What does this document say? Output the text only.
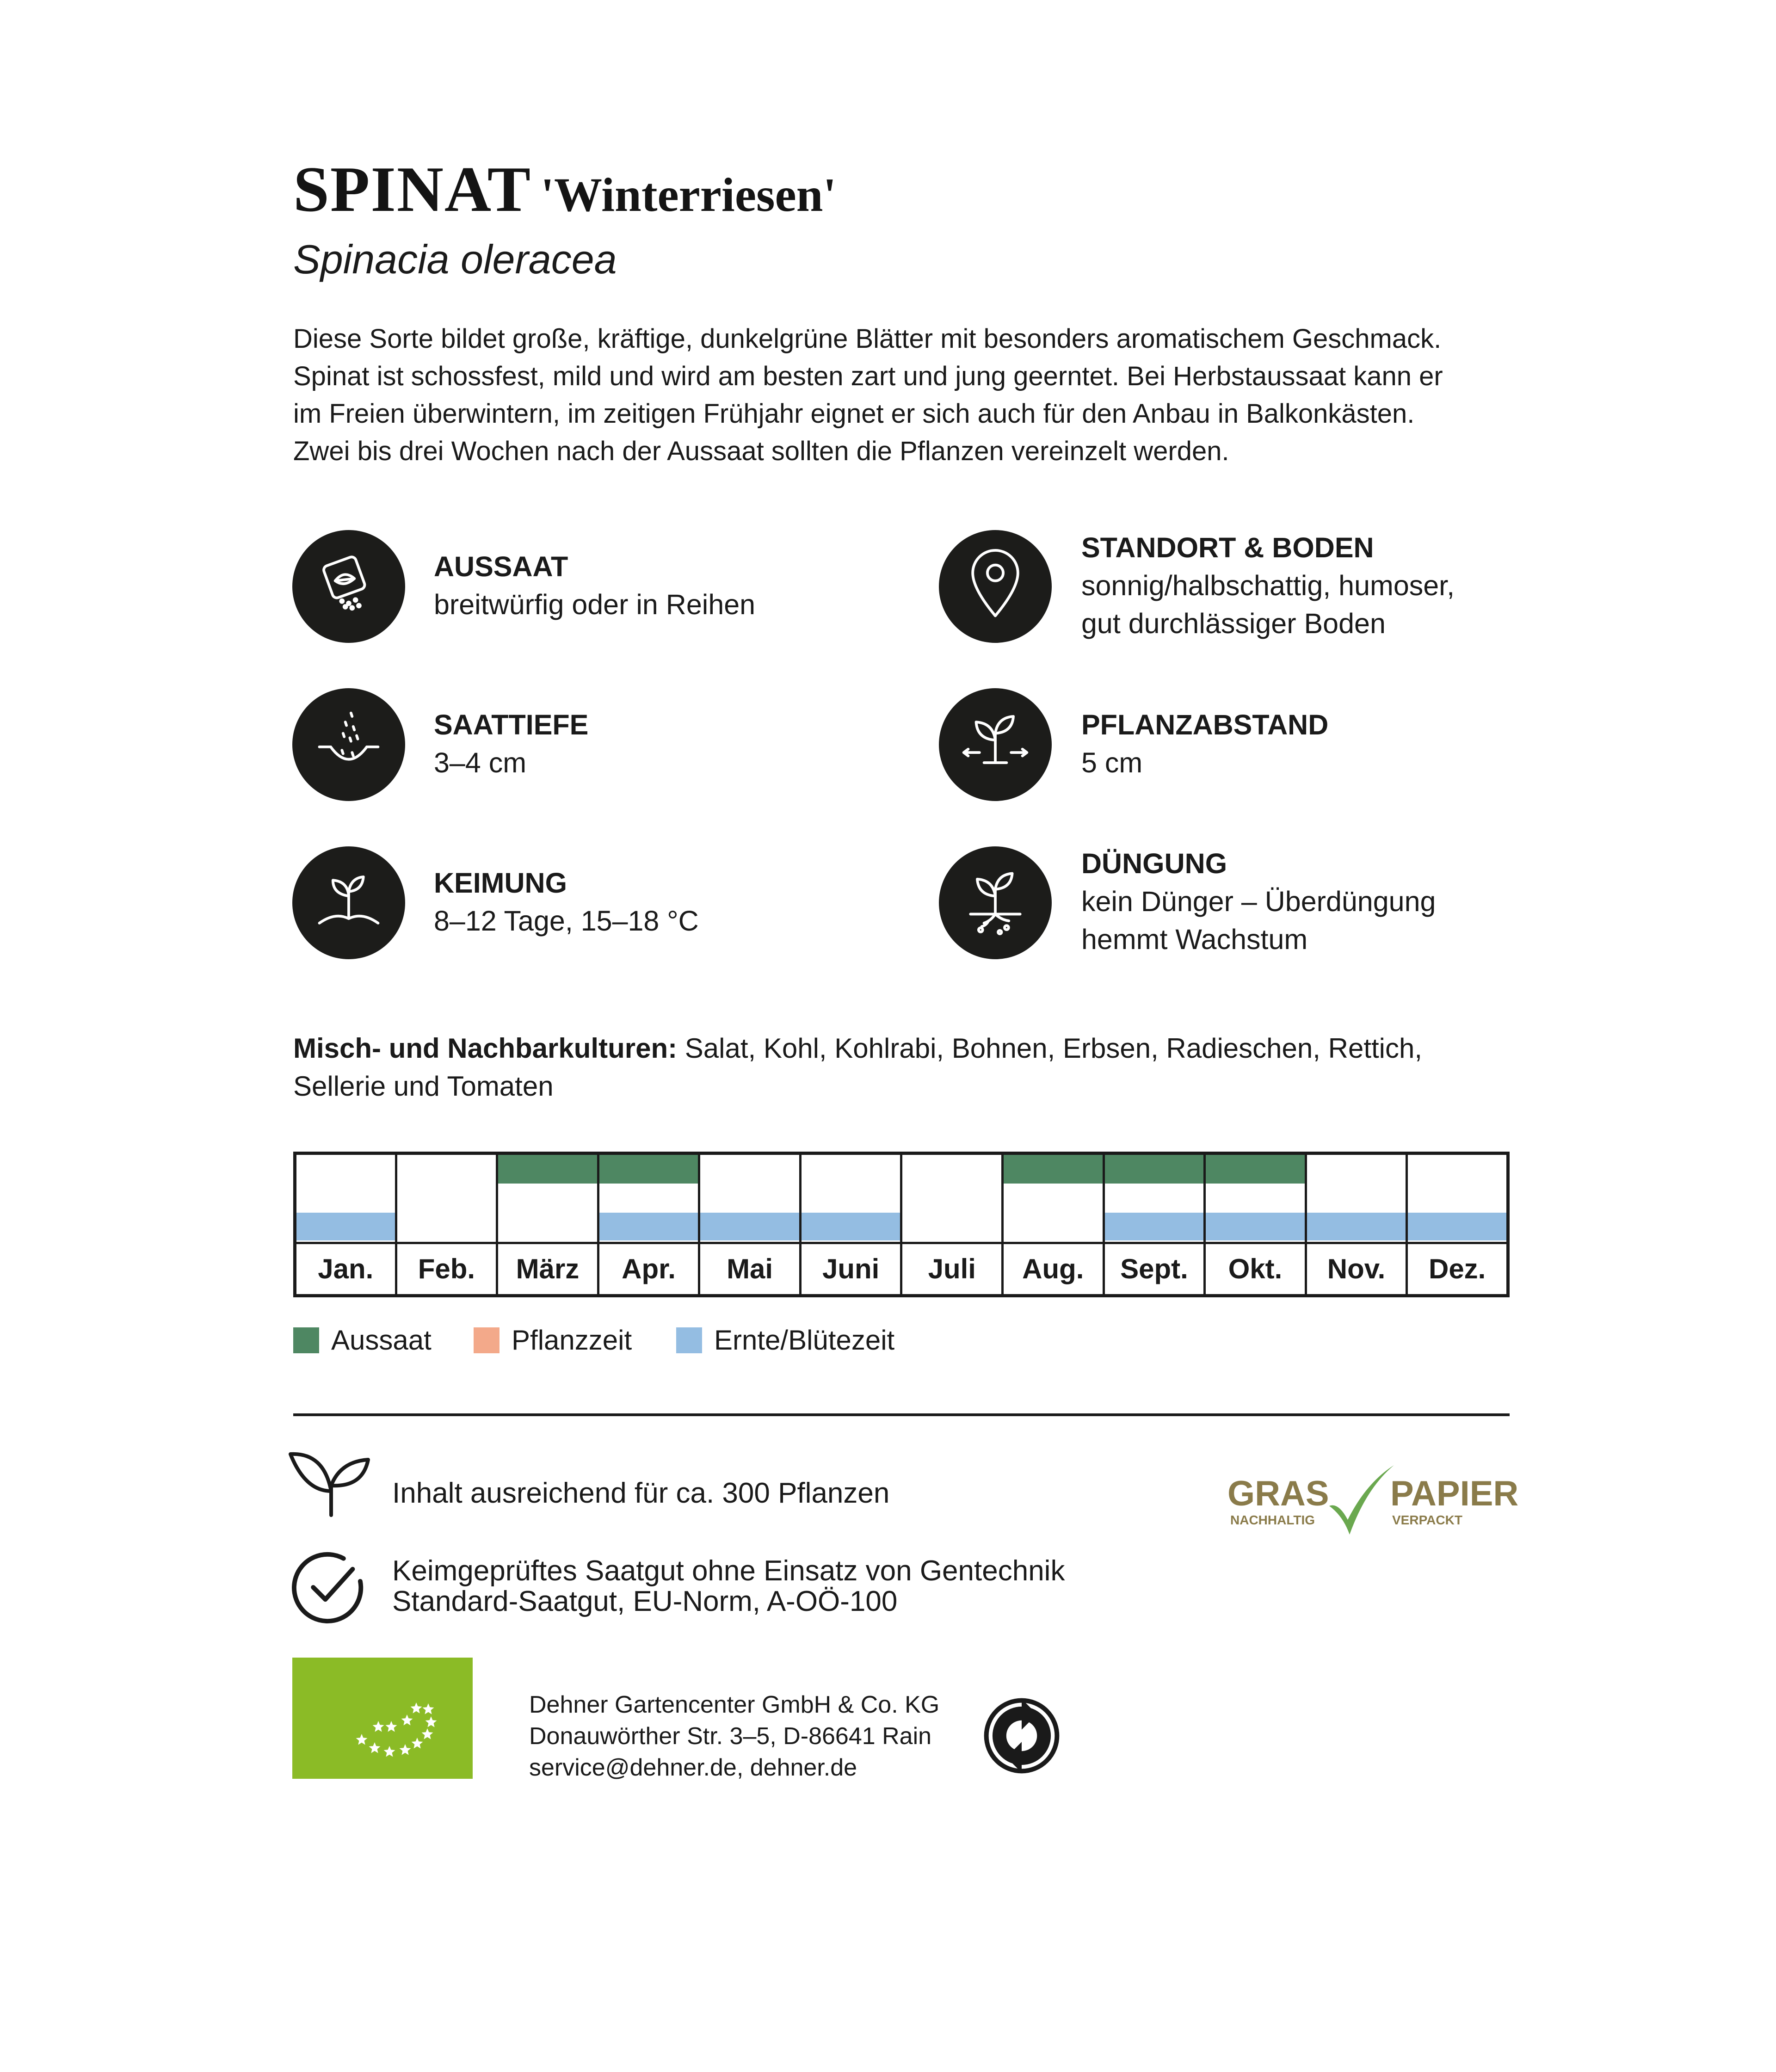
SPINAT 'Winterriesen'
Spinacia oleracea

Diese Sorte bildet große, kräftige, dunkelgrüne Blätter mit besonders aromatischem Geschmack.

Spinat ist schossfest, mild und wird am besten zart und jung geerntet. Bei Herbstaussaat kann er

im Freien überwintern, im zeitigen Frühjahr eignet er sich auch für den Anbau in Balkonkästen.

Zwei bis drei Wochen nach der Aussaat sollten die Pflanzen vereinzelt werden.

AUSSAAT
breitwürfig oder in Reihen
SAATTIEFE
3–4 cm
KEIMUNG
8–12 Tage, 15–18 °C
STANDORT & BODEN
sonnig/halbschattig, humoser,
gut durchlässiger Boden
PFLANZABSTAND
5 cm
DÜNGUNG
kein Dünger – Überdüngung
hemmt Wachstum
Misch- und Nachbarkulturen: Salat, Kohl, Kohlrabi, Bohnen, Erbsen, Radieschen, Rettich,
Sellerie und Tomaten
Jan.	Feb.	März	Apr.	Mai	Juni	Juli	Aug.	Sept.	Okt.	Nov.	Dez.
Aussaat	Pflanzzeit	Ernte/Blütezeit
Inhalt ausreichend für ca. 300 Pflanzen
Keimgeprüftes Saatgut ohne Einsatz von Gentechnik
Standard-Saatgut, EU-Norm, A-OÖ-100
Dehner Gartencenter GmbH & Co. KG
Donauwörther Str. 3–5, D-86641 Rain
service@dehner.de, dehner.de
GRAS PAPIER
NACHHALTIG	VERPACKT
